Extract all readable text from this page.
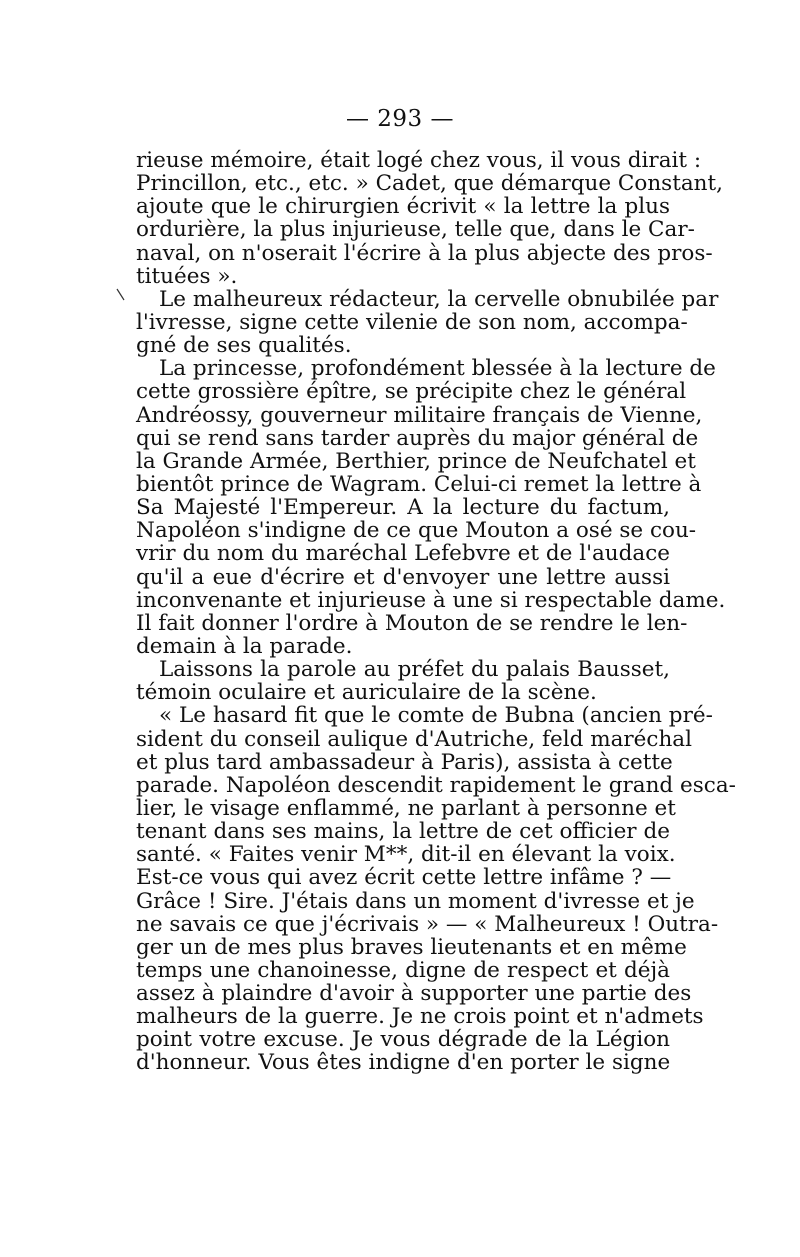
— 293 —
rieuse mémoire, était logé chez vous, il vous dirait :
Princillon, etc., etc. » Cadet, que démarque Constant,
ajoute que le chirurgien écrivit « la lettre la plus
ordurière, la plus injurieuse, telle que, dans le Car-
naval, on n'oserait l'écrire à la plus abjecte des pros-
tituées ».
Le malheureux rédacteur, la cervelle obnubilée par
l'ivresse, signe cette vilenie de son nom, accompa-
gné de ses qualités.
La princesse, profondément blessée à la lecture de
cette grossière épître, se précipite chez le général
Andréossy, gouverneur militaire français de Vienne,
qui se rend sans tarder auprès du major général de
la Grande Armée, Berthier, prince de Neufchatel et
bientôt prince de Wagram. Celui-ci remet la lettre à
Sa Majesté l'Empereur. A la lecture du factum,
Napoléon s'indigne de ce que Mouton a osé se cou-
vrir du nom du maréchal Lefebvre et de l'audace
qu'il a eue d'écrire et d'envoyer une lettre aussi
inconvenante et injurieuse à une si respectable dame.
Il fait donner l'ordre à Mouton de se rendre le len-
demain à la parade.
Laissons la parole au préfet du palais Bausset,
témoin oculaire et auriculaire de la scène.
« Le hasard fit que le comte de Bubna (ancien pré-
sident du conseil aulique d'Autriche, feld maréchal
et plus tard ambassadeur à Paris), assista à cette
parade. Napoléon descendit rapidement le grand esca-
lier, le visage enflammé, ne parlant à personne et
tenant dans ses mains, la lettre de cet officier de
santé. « Faites venir M**, dit-il en élevant la voix.
Est-ce vous qui avez écrit cette lettre infâme ? —
Grâce ! Sire. J'étais dans un moment d'ivresse et je
ne savais ce que j'écrivais » — « Malheureux ! Outra-
ger un de mes plus braves lieutenants et en même
temps une chanoinesse, digne de respect et déjà
assez à plaindre d'avoir à supporter une partie des
malheurs de la guerre. Je ne crois point et n'admets
point votre excuse. Je vous dégrade de la Légion
d'honneur. Vous êtes indigne d'en porter le signe
